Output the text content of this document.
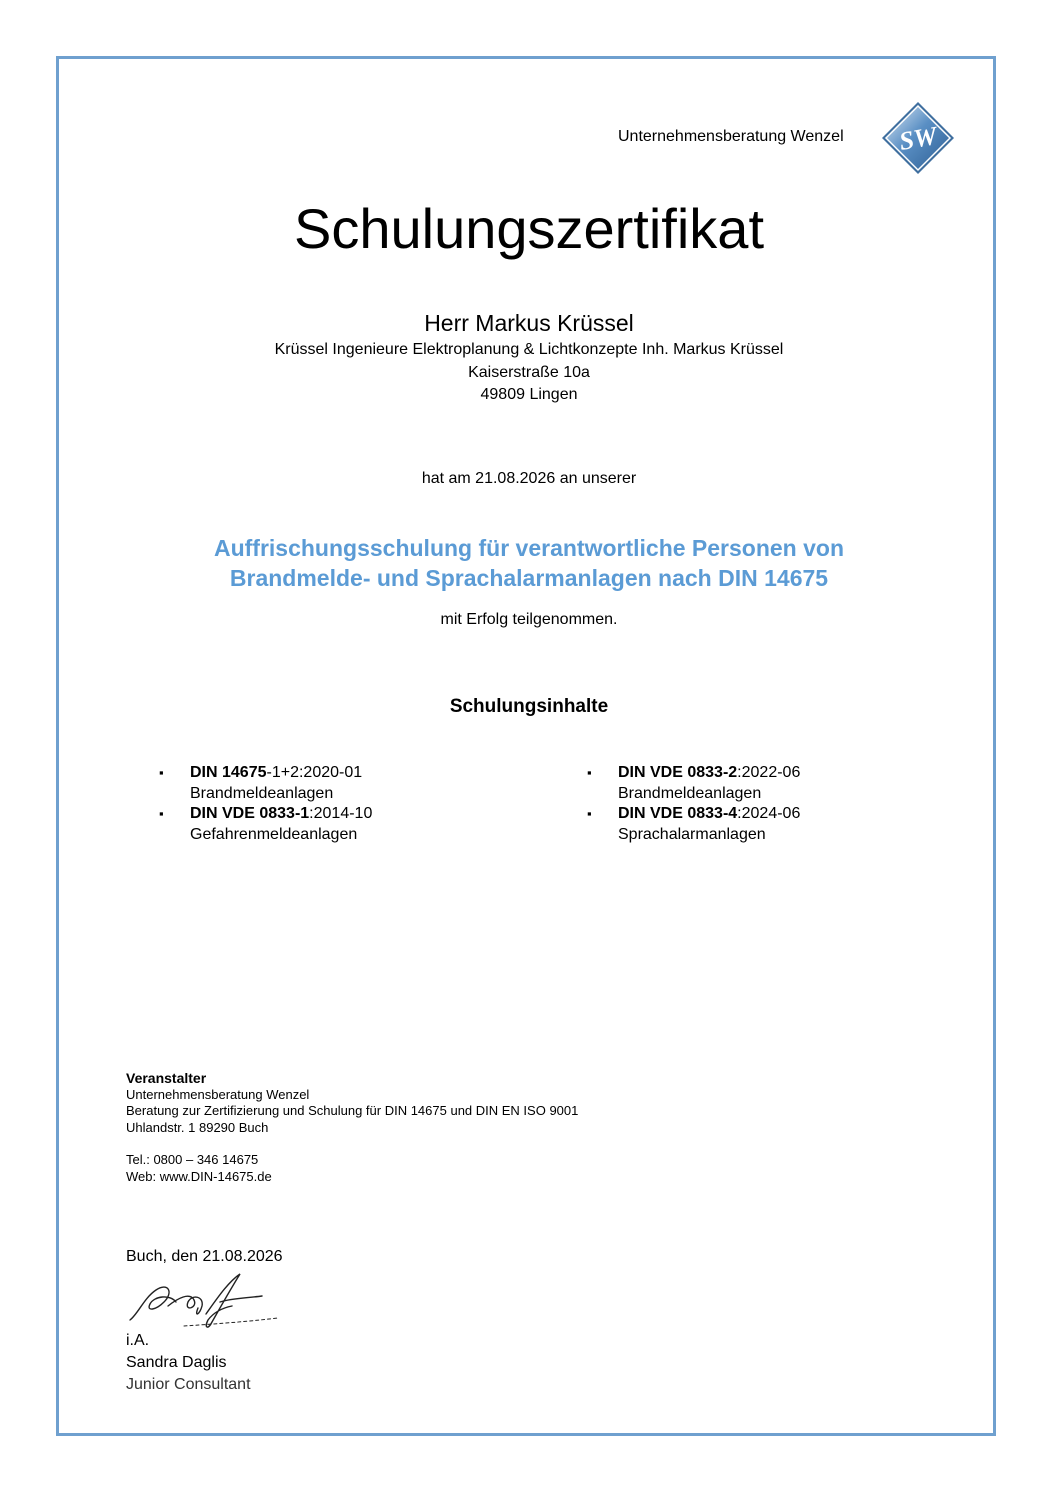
Unternehmensberatung Wenzel SW
Schulungszertifikat
Herr Markus Krüssel
Krüssel Ingenieure Elektroplanung & Lichtkonzepte Inh. Markus Krüssel
Kaiserstraße 10a
49809 Lingen
hat am 21.08.2026 an unserer
Auffrischungsschulung für verantwortliche Personen von
Brandmelde- und Sprachalarmanlagen nach DIN 14675
mit Erfolg teilgenommen.
Schulungsinhalte
▪ DIN 14675-1+2:2020-01
Brandmeldeanlagen
▪ DIN VDE 0833-1:2014-10
Gefahrenmeldeanlagen
▪ DIN VDE 0833-2:2022-06
Brandmeldeanlagen
▪ DIN VDE 0833-4:2024-06
Sprachalarmanlagen
Veranstalter
Unternehmensberatung Wenzel
Beratung zur Zertifizierung und Schulung für DIN 14675 und DIN EN ISO 9001
Uhlandstr. 1 89290 Buch
Tel.: 0800 – 346 14675
Web: www.DIN-14675.de
Buch, den 21.08.2026
i.A.
Sandra Daglis
Junior Consultant
